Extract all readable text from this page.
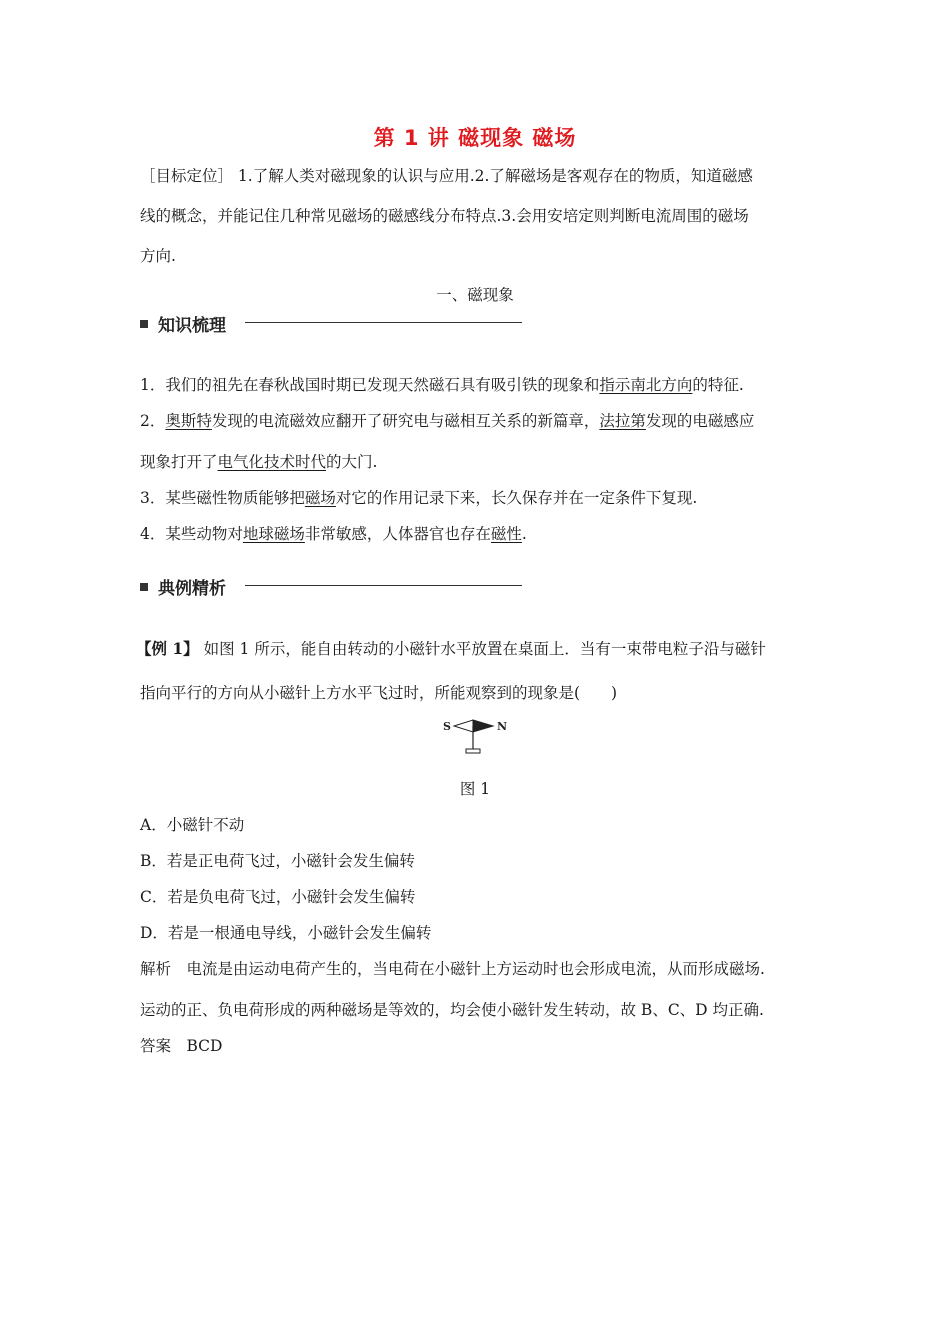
第 1 讲 磁现象 磁场
［目标定位］ 1.了解人类对磁现象的认识与应用.2.了解磁场是客观存在的物质，知道磁感
线的概念，并能记住几种常见磁场的磁感线分布特点.3.会用安培定则判断电流周围的磁场
方向.
一、磁现象
知识梳理
1．我们的祖先在春秋战国时期已发现天然磁石具有吸引铁的现象和指示南北方向的特征.
2．奥斯特发现的电流磁效应翻开了研究电与磁相互关系的新篇章，法拉第发现的电磁感应
现象打开了电气化技术时代的大门.
3．某些磁性物质能够把磁场对它的作用记录下来，长久保存并在一定条件下复现.
4．某些动物对地球磁场非常敏感，人体器官也存在磁性.
典例精析
【例 1】 如图 1 所示，能自由转动的小磁针水平放置在桌面上．当有一束带电粒子沿与磁针
指向平行的方向从小磁针上方水平飞过时，所能观察到的现象是(　　)
S	N
图 1
A．小磁针不动
B．若是正电荷飞过，小磁针会发生偏转
C．若是负电荷飞过，小磁针会发生偏转
D．若是一根通电导线，小磁针会发生偏转
解析　电流是由运动电荷产生的，当电荷在小磁针上方运动时也会形成电流，从而形成磁场.
运动的正、负电荷形成的两种磁场是等效的，均会使小磁针发生转动，故 B、C、D 均正确.
答案　BCD
